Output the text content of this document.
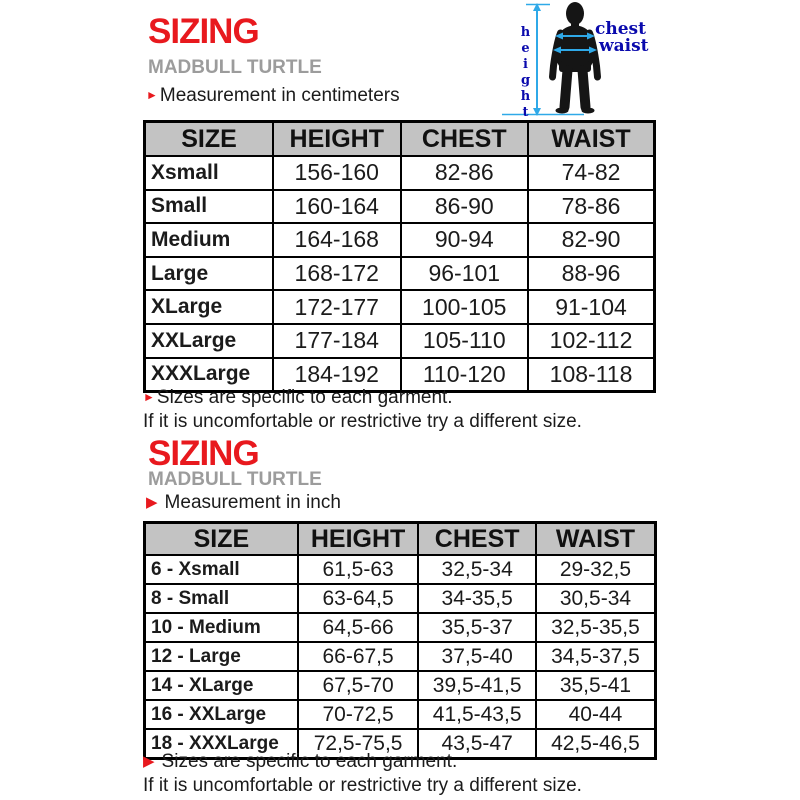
SIZING
MADBULL TURTLE

► Measurement in centimeters	height	chest
waist
SIZE	HEIGHT	CHEST	WAIST
Xsmall	156-160	82-86	74-82
Small	160-164	86-90	78-86
Medium	164-168	90-94	82-90
Large	168-172	96-101	88-96
XLarge	172-177	100-105	91-104
XXLarge	177-184	105-110	102-112
XXXLarge	184-192	110-120	108-118

► Sizes are specific to each garment.
If it is uncomfortable or restrictive try a different size.

SIZING
MADBULL TURTLE

▶ Measurement in inch

SIZE	HEIGHT	CHEST	WAIST
6 - Xsmall	61,5-63	32,5-34	29-32,5
8 - Small	63-64,5	34-35,5	30,5-34
10 - Medium	64,5-66	35,5-37	32,5-35,5
12 - Large	66-67,5	37,5-40	34,5-37,5
14 - XLarge	67,5-70	39,5-41,5	35,5-41
16 - XXLarge	70-72,5	41,5-43,5	40-44
18 - XXXLarge	72,5-75,5	43,5-47	42,5-46,5

▶ Sizes are specific to each garment.
If it is uncomfortable or restrictive try a different size.
